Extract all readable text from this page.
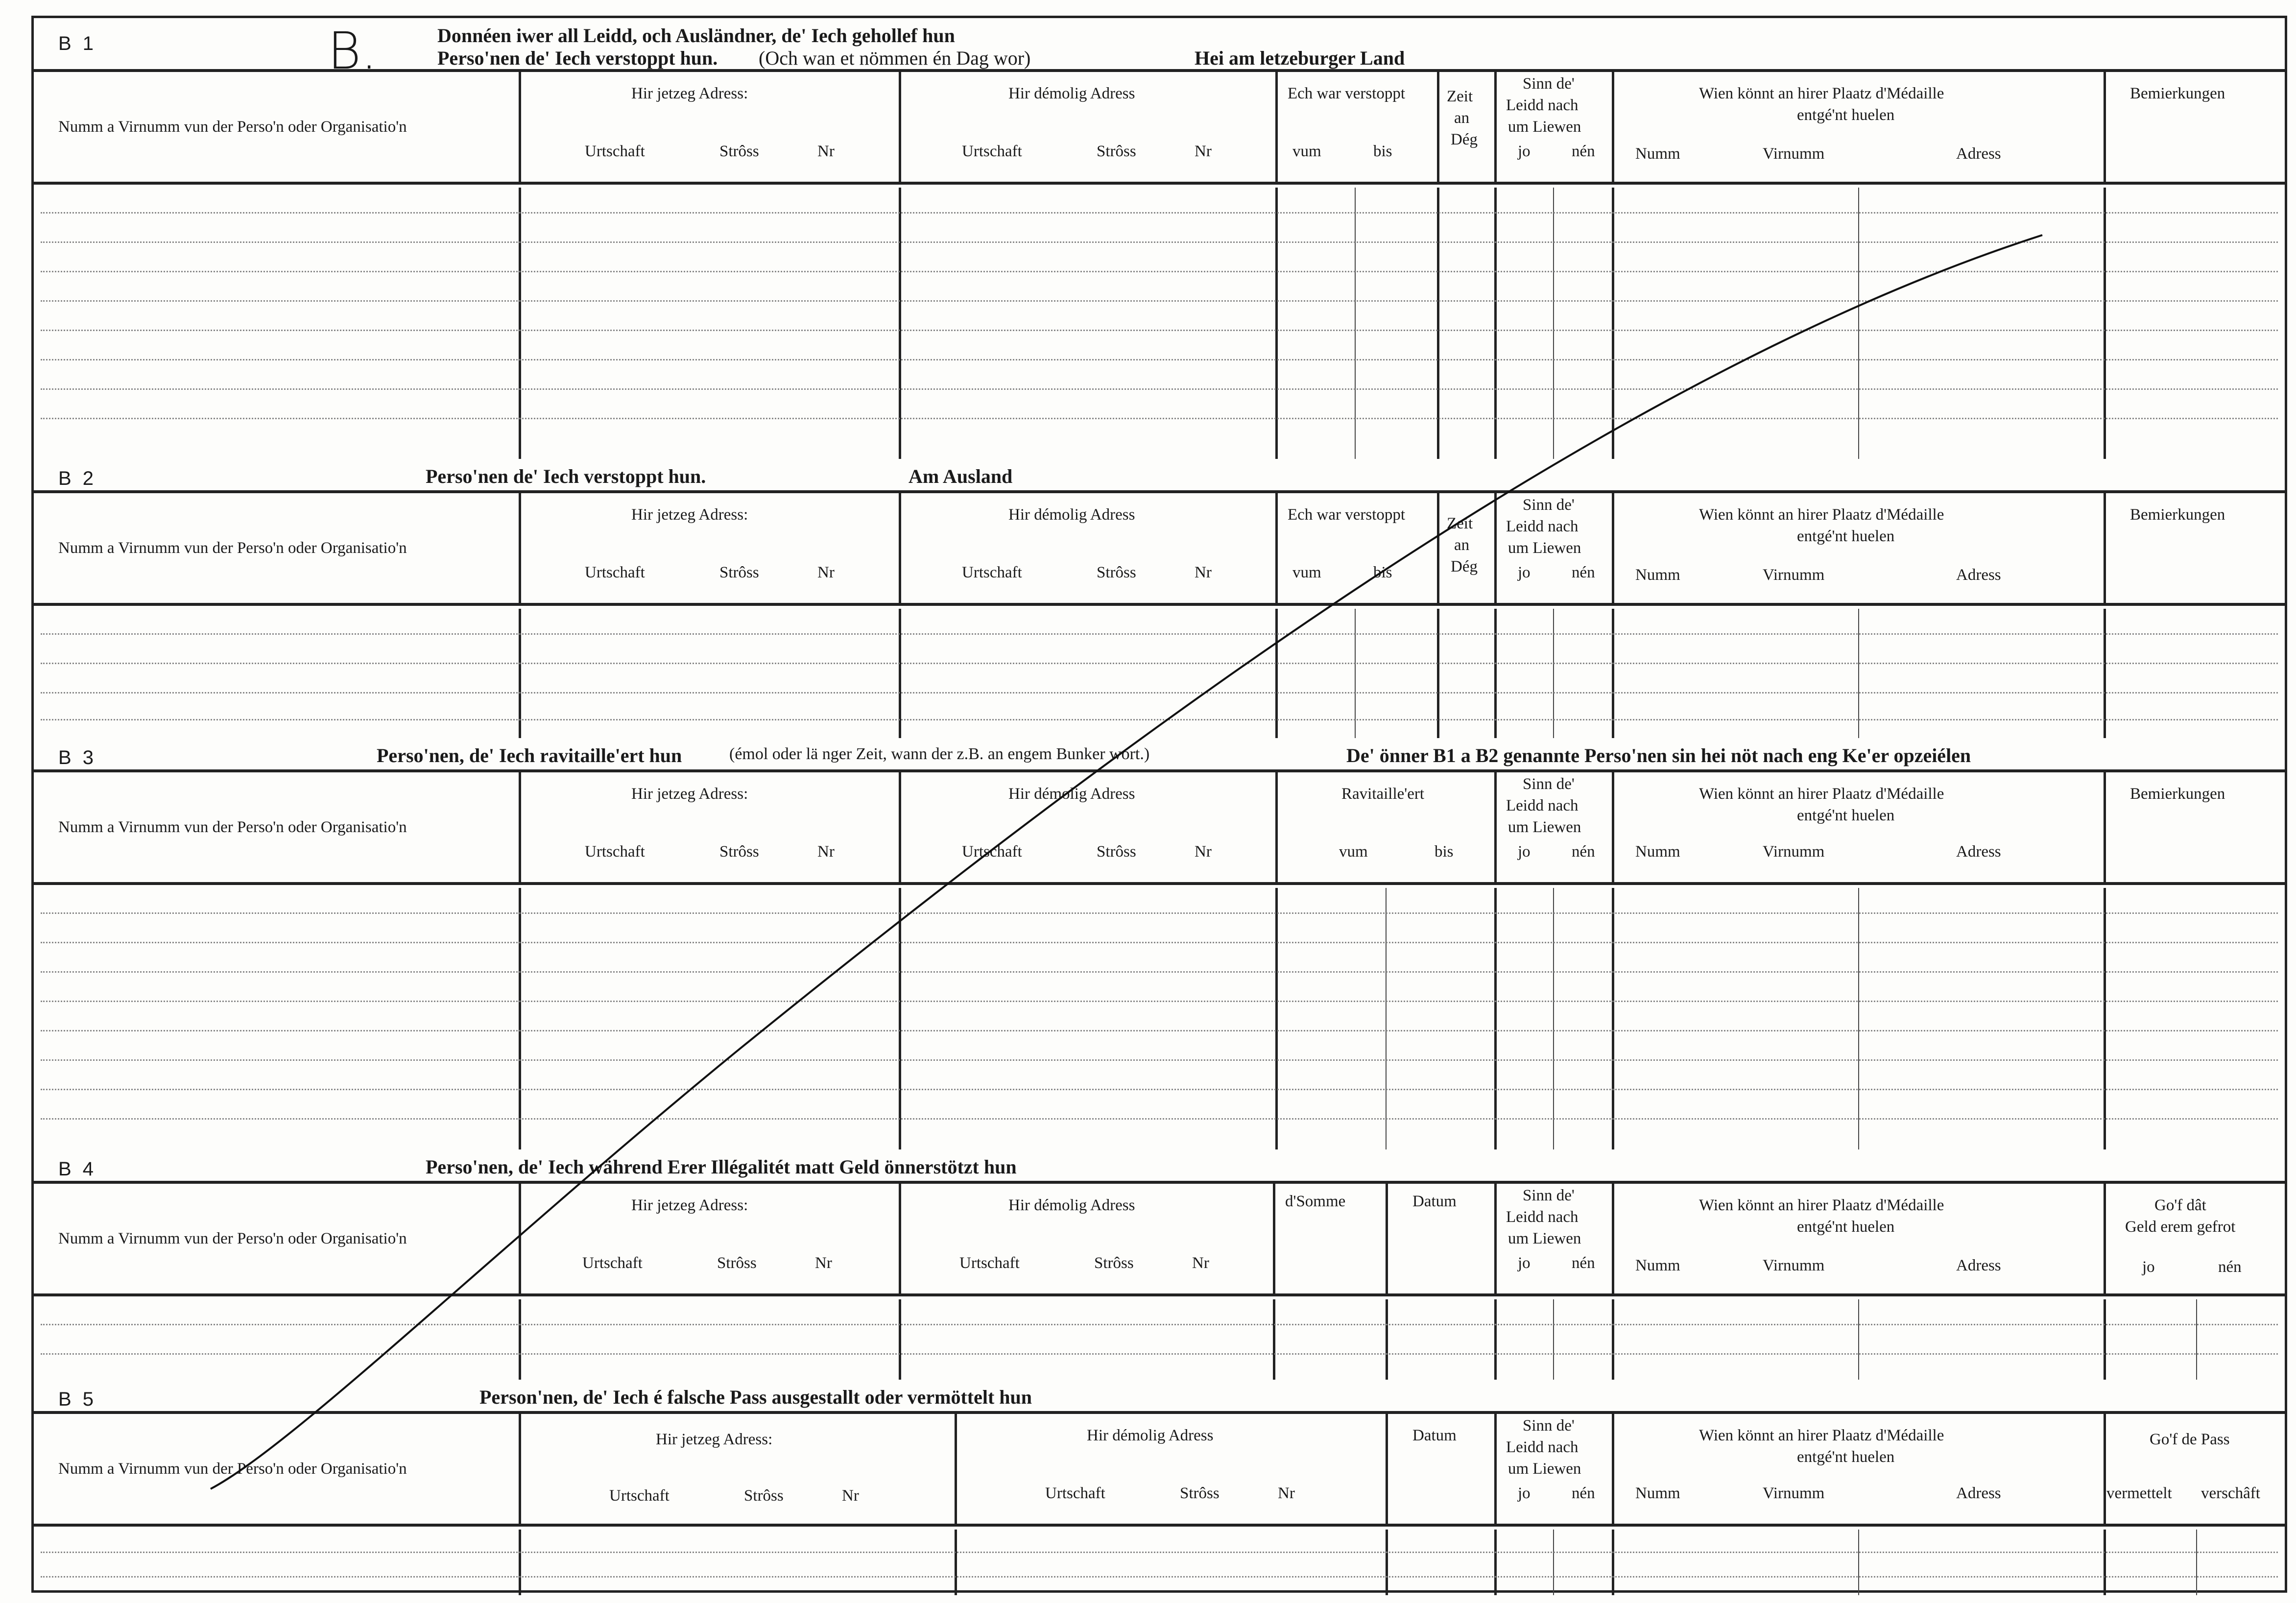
B 1	B.	Donnéen iwer all Leidd, och Ausländner, de' Iech gehollef hun
Perso'nen de' Iech verstoppt hun. (Och wan et nömmen én Dag wor)	Hei am letzeburger Land
Numm a Virnumm vun der Perso'n oder Organisatio'n
Hir jetzeg Adress:
Urtschaft	Strôss	Nr
Hir démolig Adress
Urtschaft	Strôss	Nr
Ech war verstoppt
vum	bis
Zeit
an
Dég
Sinn de'
Leidd nach
um Liewen
jo	nén
Wien könnt an hirer Plaatz d'Médaille
entgé'nt huelen
Numm	Virnumm	Adress
Bemierkungen
B 2	Perso'nen de' Iech verstoppt hun.	Am Ausland
Numm a Virnumm vun der Perso'n oder Organisatio'n
Hir jetzeg Adress:
Urtschaft	Strôss	Nr
Hir démolig Adress
Urtschaft	Strôss	Nr
Ech war verstoppt
vum	bis
Zeit
an
Dég
Sinn de'
Leidd nach
um Liewen
jo	nén
Wien könnt an hirer Plaatz d'Médaille
entgé'nt huelen
Numm	Virnumm	Adress
Bemierkungen
B 3	Perso'nen, de' Iech ravitaille'ert hun	(émol oder lä nger Zeit, wann der z.B. an engem Bunker wort.)	De' önner B1 a B2 genannte Perso'nen sin hei nöt nach eng Ke'er opzeiélen
Numm a Virnumm vun der Perso'n oder Organisatio'n
Hir jetzeg Adress:
Urtschaft	Strôss	Nr
Hir démolig Adress
Urtschaft	Strôss	Nr
Ravitaille'ert
vum	bis
Sinn de'
Leidd nach
um Liewen
jo	nén
Wien könnt an hirer Plaatz d'Médaille
entgé'nt huelen
Numm	Virnumm	Adress
Bemierkungen
B 4	Perso'nen, de' Iech während Erer Illégalitét matt Geld önnerstötzt hun
Numm a Virnumm vun der Perso'n oder Organisatio'n
Hir jetzeg Adress:
Urtschaft	Strôss	Nr
Hir démolig Adress
Urtschaft	Strôss	Nr
d'Somme	Datum	Sinn de'
Leidd nach
um Liewen
jo	nén
Wien könnt an hirer Plaatz d'Médaille
entgé'nt huelen
Numm	Virnumm	Adress
Go'f dât
Geld erem gefrot
jo	nén
B 5	Person'nen, de' Iech é falsche Pass ausgestallt oder vermöttelt hun
Numm a Virnumm vun der Perso'n oder Organisatio'n
Hir jetzeg Adress:
Urtschaft	Strôss	Nr
Hir démolig Adress
Urtschaft	Strôss	Nr
Datum
Sinn de'
Leidd nach
um Liewen
jo	nén
Wien könnt an hirer Plaatz d'Médaille
entgé'nt huelen
Numm	Virnumm	Adress
Go'f de Pass
vermettelt verschâft
